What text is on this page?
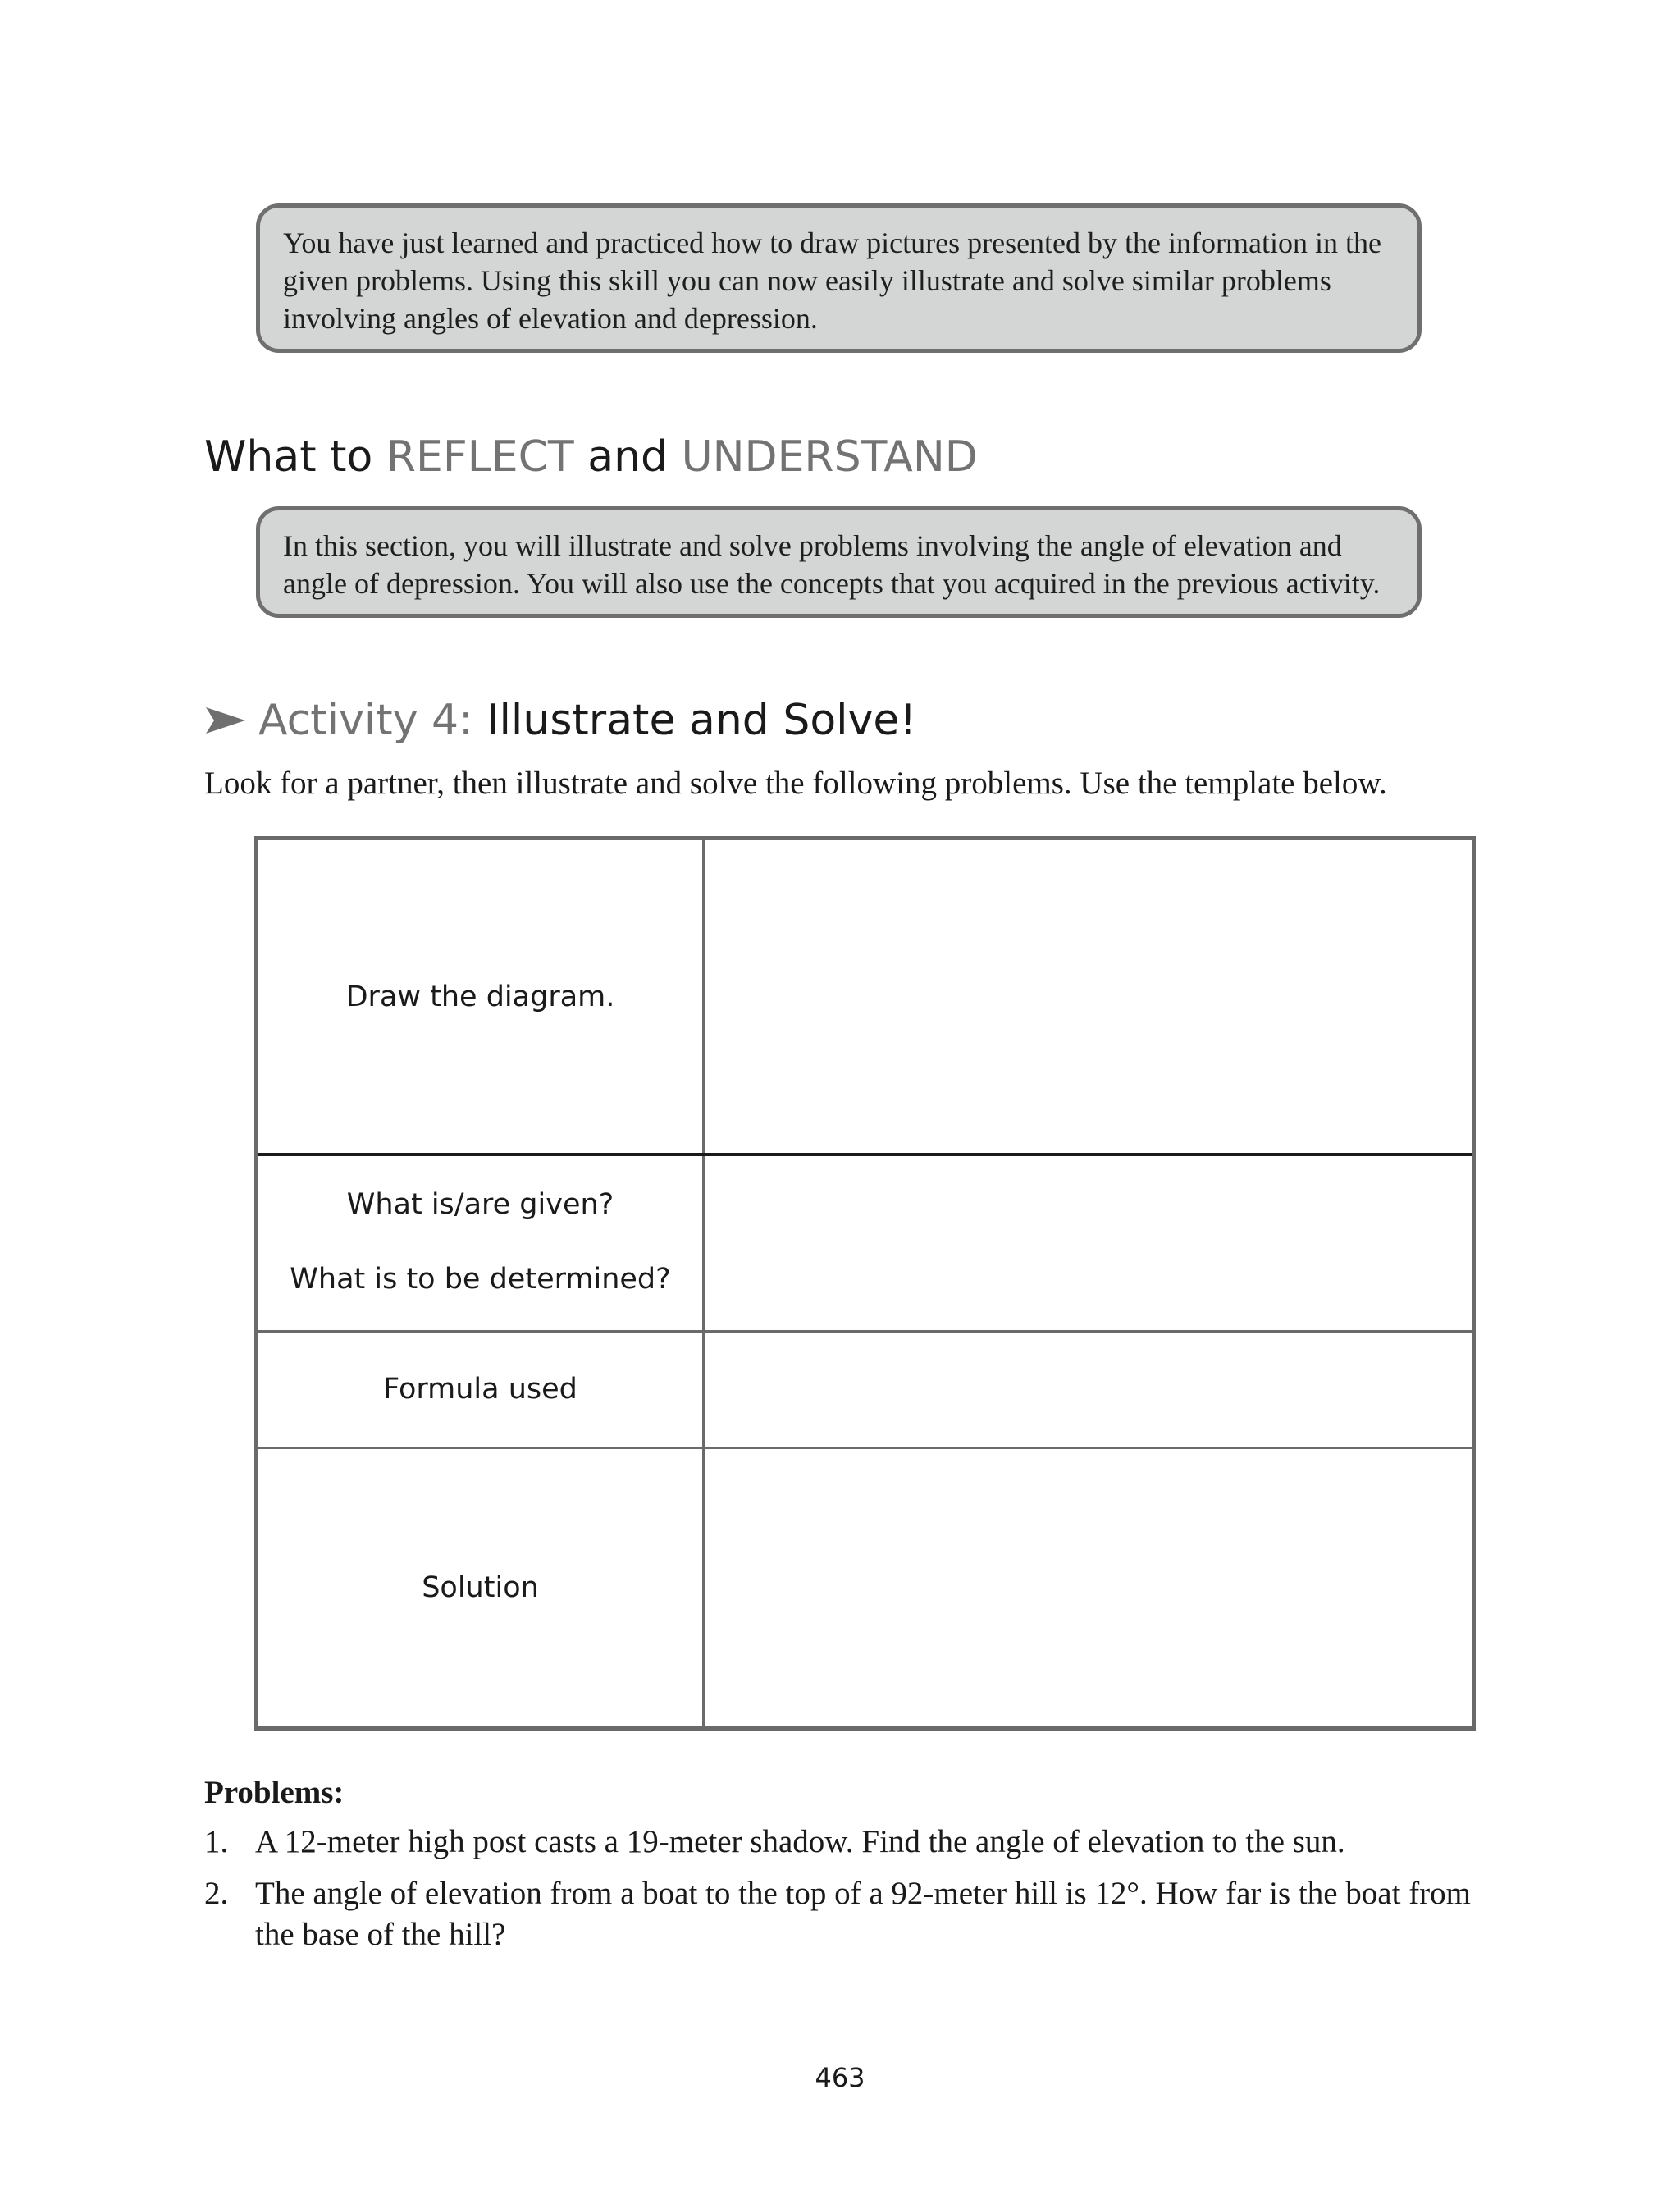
You have just learned and practiced how to draw pictures presented by the information in the given problems. Using this skill you can now easily illustrate and solve similar problems involving angles of elevation and depression.
What to REFLECT and UNDERSTAND
In this section, you will illustrate and solve problems involving the angle of elevation and angle of depression. You will also use the concepts that you acquired in the previous activity.
Activity 4: Illustrate and Solve!
Look for a partner, then illustrate and solve the following problems. Use the template below.
Draw the diagram.
What is/are given?
What is to be determined?
Formula used
Solution
Problems:
1. A 12-meter high post casts a 19-meter shadow. Find the angle of elevation to the sun.
2. The angle of elevation from a boat to the top of a 92-meter hill is 12°. How far is the boat from the base of the hill?
463
